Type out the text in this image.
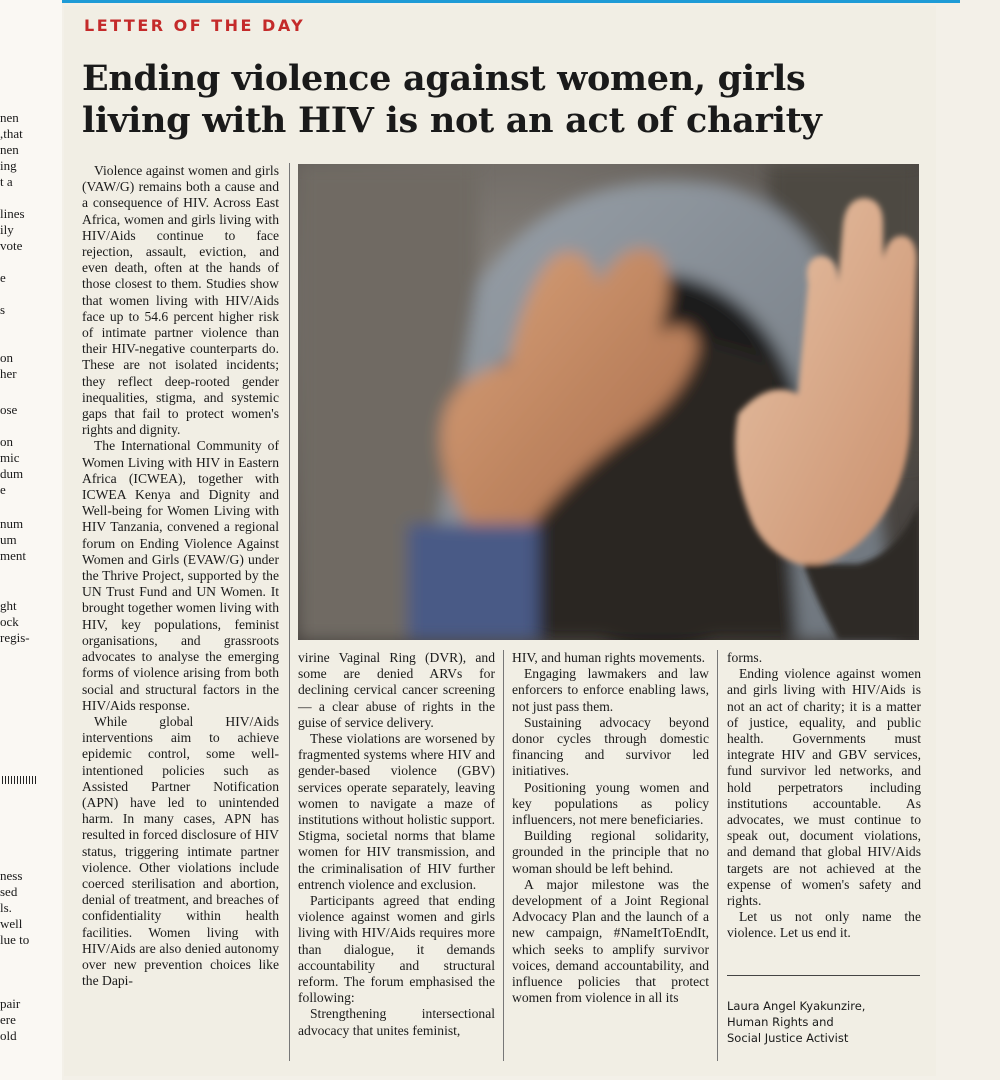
nen
,that
nen
ing
t a
lines
ily
vote
e
s
on
her
ose
on
mic
dum
e
num
um
ment
ght
ock
regis-
ness
sed
ls.
well
lue to
pair
ere
old
LETTER OF THE DAY
Ending violence against women, girls
living with HIV is not an act of charity

Violence against women and girls (VAW/G) remains both a cause and a consequence of HIV. Across East Africa, women and girls living with HIV/Aids continue to face rejection, assault, eviction, and even death, often at the hands of those closest to them. Studies show that women living with HIV/Aids face up to 54.6 percent higher risk of intimate partner violence than their HIV-negative counterparts do. These are not isolated incidents; they reflect deep-rooted gender inequalities, stigma, and systemic gaps that fail to protect women's rights and dignity.

The International Community of Women Living with HIV in Eastern Africa (ICWEA), together with ICWEA Kenya and Dignity and Well-being for Women Living with HIV Tanzania, convened a regional forum on Ending Violence Against Women and Girls (EVAW/G) under the Thrive Project, supported by the UN Trust Fund and UN Women. It brought together women living with HIV, key populations, feminist organisations, and grassroots advocates to analyse the emerging forms of violence arising from both social and structural factors in the HIV/Aids response.

While global HIV/Aids interventions aim to achieve epidemic control, some well-intentioned policies such as Assisted Partner Notification (APN) have led to unintended harm. In many cases, APN has resulted in forced disclosure of HIV status, triggering intimate partner violence. Other violations include coerced sterilisation and abortion, denial of treatment, and breaches of confidentiality within health facilities. Women living with HIV/Aids are also denied autonomy over new prevention choices like the Dapi-

virine Vaginal Ring (DVR), and some are denied ARVs for declining cervical cancer screening — a clear abuse of rights in the guise of service delivery.

These violations are worsened by fragmented systems where HIV and gender-based violence (GBV) services operate separately, leaving women to navigate a maze of institutions without holistic support. Stigma, societal norms that blame women for HIV transmission, and the criminalisation of HIV further entrench violence and exclusion.

Participants agreed that ending violence against women and girls living with HIV/Aids requires more than dialogue, it demands accountability and structural reform. The forum emphasised the following:

Strengthening intersectional advocacy that unites feminist,

HIV, and human rights movements.

Engaging lawmakers and law enforcers to enforce enabling laws, not just pass them.

Sustaining advocacy beyond donor cycles through domestic financing and survivor led initiatives.

Positioning young women and key populations as policy influencers, not mere beneficiaries.

Building regional solidarity, grounded in the principle that no woman should be left behind.

A major milestone was the development of a Joint Regional Advocacy Plan and the launch of a new campaign, #NameItToEndIt, which seeks to amplify survivor voices, demand accountability, and influence policies that protect women from violence in all its

forms.

Ending violence against women and girls living with HIV/Aids is not an act of charity; it is a matter of justice, equality, and public health. Governments must integrate HIV and GBV services, fund survivor led networks, and hold perpetrators including institutions accountable. As advocates, we must continue to speak out, document violations, and demand that global HIV/Aids targets are not achieved at the expense of women's safety and rights.

Let us not only name the violence. Let us end it.

Laura Angel Kyakunzire,
Human Rights and
Social Justice Activist
